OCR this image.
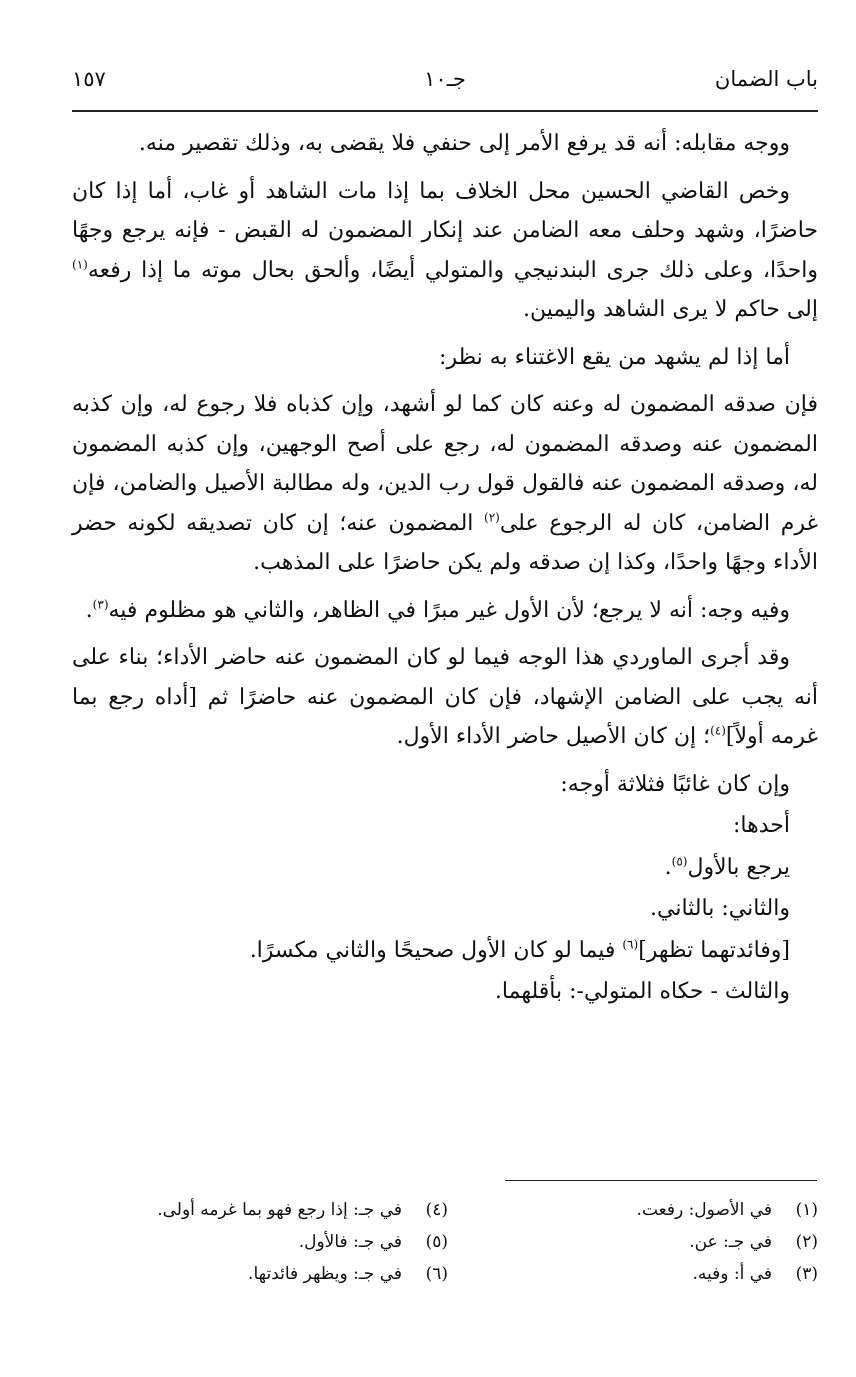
باب الضمان
جـ١٠
١٥٧

ووجه مقابله: أنه قد يرفع الأمر إلى حنفي فلا يقضى به، وذلك تقصير منه.

وخص القاضي الحسين محل الخلاف بما إذا مات الشاهد أو غاب، أما إذا كان حاضرًا، وشهد وحلف معه الضامن عند إنكار المضمون له القبض - فإنه يرجع وجهًا واحدًا، وعلى ذلك جرى البندنيجي والمتولي أيضًا، وألحق بحال موته ما إذا رفعه$^{(١)}$ إلى حاكم لا يرى الشاهد واليمين.

أما إذا لم يشهد من يقع الاغتناء به نظر:

فإن صدقه المضمون له وعنه كان كما لو أشهد، وإن كذباه فلا رجوع له، وإن كذبه المضمون عنه وصدقه المضمون له، رجع على أصح الوجهين، وإن كذبه المضمون له، وصدقه المضمون عنه فالقول قول رب الدين، وله مطالبة الأصيل والضامن، فإن غرم الضامن، كان له الرجوع على$^{(٢)}$ المضمون عنه؛ إن كان تصديقه لكونه حضر الأداء وجهًا واحدًا، وكذا إن صدقه ولم يكن حاضرًا على المذهب.

وفيه وجه: أنه لا يرجع؛ لأن الأول غير مبرًا في الظاهر، والثاني هو مظلوم فيه$^{(٣)}$.

وقد أجرى الماوردي هذا الوجه فيما لو كان المضمون عنه حاضر الأداء؛ بناء على أنه يجب على الضامن الإشهاد، فإن كان المضمون عنه حاضرًا ثم [أداه رجع بما غرمه أولاً]$^{(٤)}$؛ إن كان الأصيل حاضر الأداء الأول.

وإن كان غائبًا فثلاثة أوجه:

أحدها:

يرجع بالأول$^{(٥)}$.

والثاني: بالثاني.

[وفائدتهما تظهر]$^{(٦)}$ فيما لو كان الأول صحيحًا والثاني مكسرًا.

والثالث - حكاه المتولي-: بأقلهما.

(١)في الأصول: رفعت.
(٢)في جـ: عن.
(٣)في أ: وفيه.
(٤)في جـ: إذا رجع فهو بما غرمه أولى.
(٥)في جـ: فالأول.
(٦)في جـ: ويظهر فائدتها.
